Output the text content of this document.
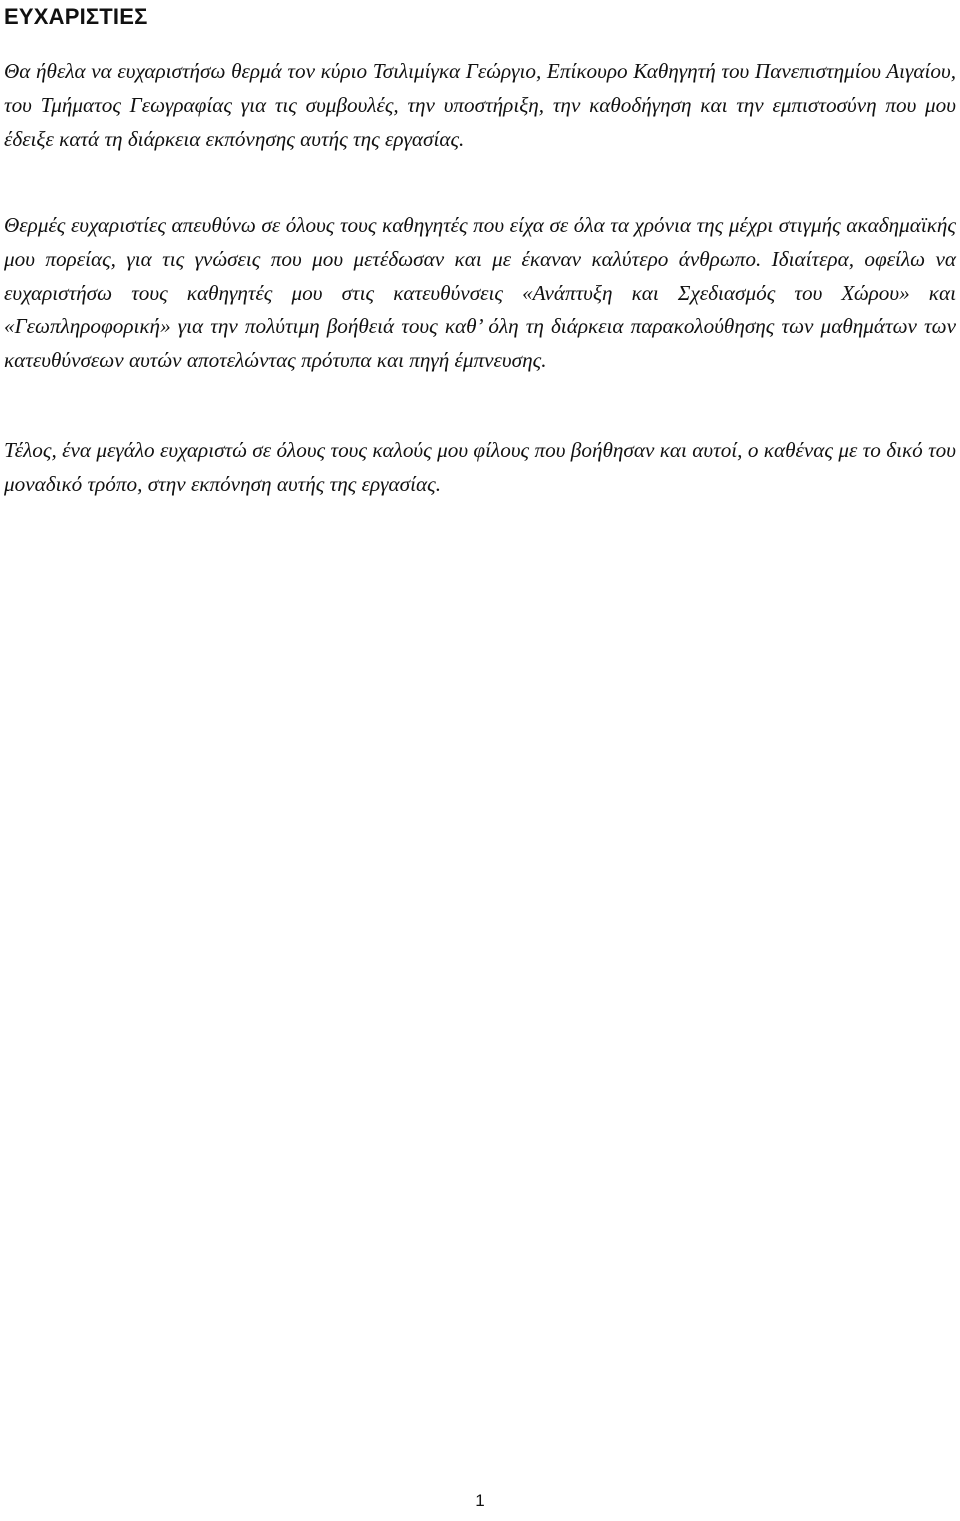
ΕΥΧΑΡΙΣΤΙΕΣ

Θα ήθελα να ευχαριστήσω θερμά τον κύριο Τσιλιμίγκα Γεώργιο, Επίκουρο Καθηγητή του Πανεπιστημίου Αιγαίου, του Τμήματος Γεωγραφίας για τις συμβουλές, την υποστήριξη, την καθοδήγηση και την εμπιστοσύνη που μου έδειξε κατά τη διάρκεια εκπόνησης αυτής της εργασίας.

Θερμές ευχαριστίες απευθύνω σε όλους τους καθηγητές που είχα σε όλα τα χρόνια της μέχρι στιγμής ακαδημαϊκής μου πορείας, για τις γνώσεις που μου μετέδωσαν και με έκαναν καλύτερο άνθρωπο. Ιδιαίτερα, οφείλω να ευχαριστήσω τους καθηγητές μου στις κατευθύνσεις «Ανάπτυξη και Σχεδιασμός του Χώρου» και «Γεωπληροφορική» για την πολύτιμη βοήθειά τους καθ’ όλη τη διάρκεια παρακολούθησης των μαθημάτων των κατευθύνσεων αυτών αποτελώντας πρότυπα και πηγή έμπνευσης.

Τέλος, ένα μεγάλο ευχαριστώ σε όλους τους καλούς μου φίλους που βοήθησαν και αυτοί, ο καθένας με το δικό του μοναδικό τρόπο, στην εκπόνηση αυτής της εργασίας.

1
